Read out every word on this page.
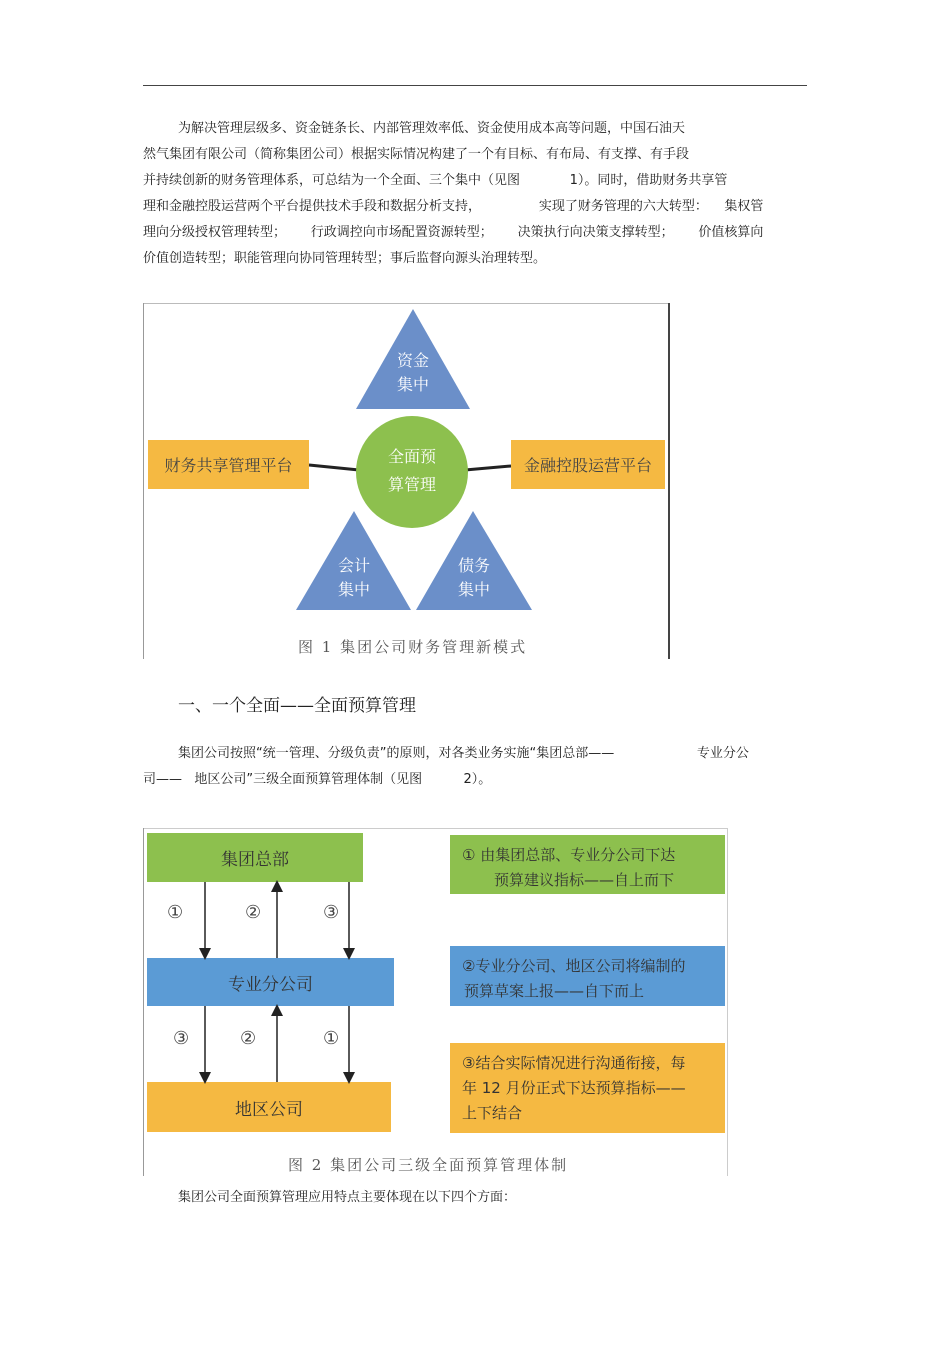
为解决管理层级多、资金链条长、内部管理效率低、资金使用成本高等问题，中国石油天
然气集团有限公司（简称集团公司）根据实际情况构建了一个有目标、有布局、有支撑、有手段
并持续创新的财务管理体系，可总结为一个全面、三个集中（见图            1）。同时，借助财务共享管
理和金融控股运营两个平台提供技术手段和数据分析支持，              实现了财务管理的六大转型：    集权管
理向分级授权管理转型；      行政调控向市场配置资源转型；      决策执行向决策支撑转型；      价值核算向
价值创造转型；职能管理向协同管理转型；事后监督向源头治理转型。
资金
集中
财务共享管理平台	金融控股运营平台
全面预
算管理
会计
集中
债务
集中
图 1 集团公司财务管理新模式
一、一个全面——全面预算管理
集团公司按照“统一管理、分级负责”的原则，对各类业务实施“集团总部——                    专业分公
司——   地区公司”三级全面预算管理体制（见图          2）。
集团总部
专业分公司
地区公司
①	②	③
③	②	①
① 由集团总部、专业分公司下达
预算建议指标——自上而下
②专业分公司、地区公司将编制的
预算草案上报——自下而上
③结合实际情况进行沟通衔接，每
年 12 月份正式下达预算指标——
上下结合
图 2 集团公司三级全面预算管理体制
集团公司全面预算管理应用特点主要体现在以下四个方面：
